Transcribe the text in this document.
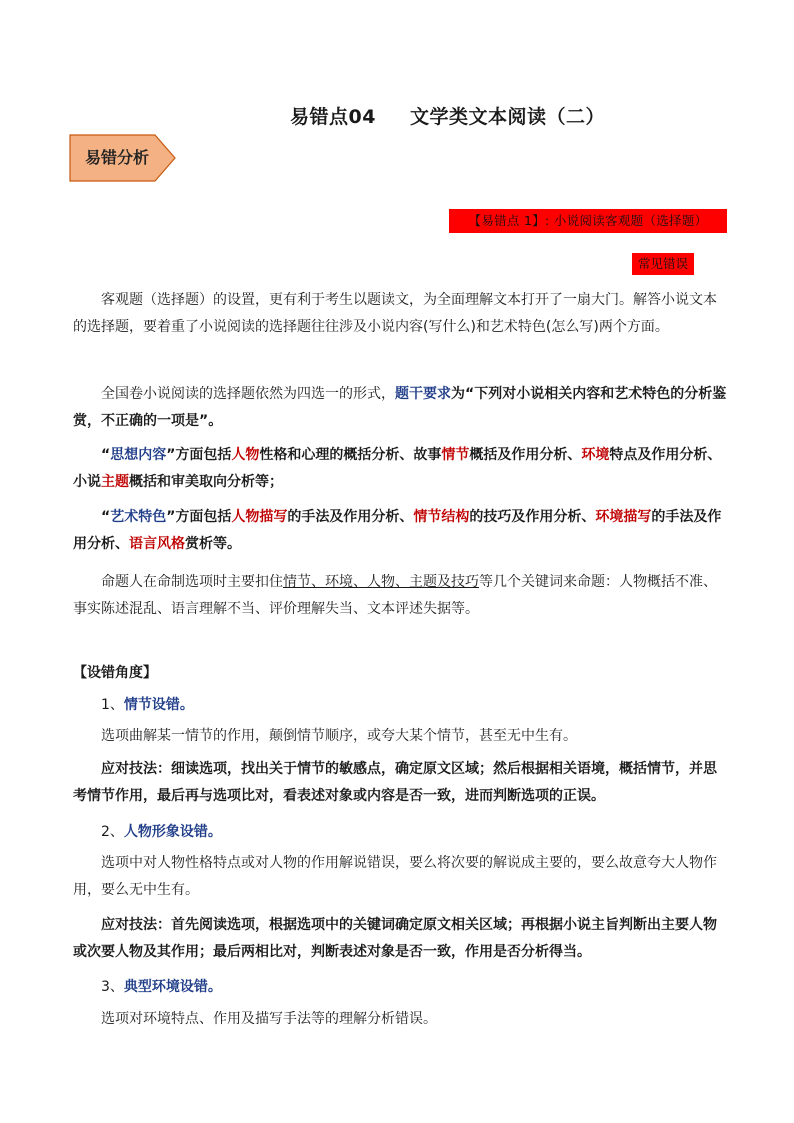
易错点04 文学类文本阅读（二）
易错分析
【易错点 1】: 小说阅读客观题（选择题）
常见错误

客观题（选择题）的设置，更有利于考生以题读文，为全面理解文本打开了一扇大门。解答小说文本的选择题，要着重了小说阅读的选择题往往涉及小说内容(写什么)和艺术特色(怎么写)两个方面。

全国卷小说阅读的选择题依然为四选一的形式，题干要求为“下列对小说相关内容和艺术特色的分析鉴赏，不正确的一项是”。

“思想内容”方面包括人物性格和心理的概括分析、故事情节概括及作用分析、环境特点及作用分析、小说主题概括和审美取向分析等；

“艺术特色”方面包括人物描写的手法及作用分析、情节结构的技巧及作用分析、环境描写的手法及作用分析、语言风格赏析等。

命题人在命制选项时主要扣住情节、环境、人物、主题及技巧等几个关键词来命题：人物概括不准、事实陈述混乱、语言理解不当、评价理解失当、文本评述失据等。

【设错角度】
1、情节设错。

选项曲解某一情节的作用，颠倒情节顺序，或夸大某个情节，甚至无中生有。

应对技法：细读选项，找出关于情节的敏感点，确定原文区域；然后根据相关语境，概括情节，并思考情节作用，最后再与选项比对，看表述对象或内容是否一致，进而判断选项的正误。

2、人物形象设错。

选项中对人物性格特点或对人物的作用解说错误，要么将次要的解说成主要的，要么故意夸大人物作用，要么无中生有。

应对技法：首先阅读选项，根据选项中的关键词确定原文相关区域；再根据小说主旨判断出主要人物或次要人物及其作用；最后两相比对，判断表述对象是否一致，作用是否分析得当。

3、典型环境设错。

选项对环境特点、作用及描写手法等的理解分析错误。
